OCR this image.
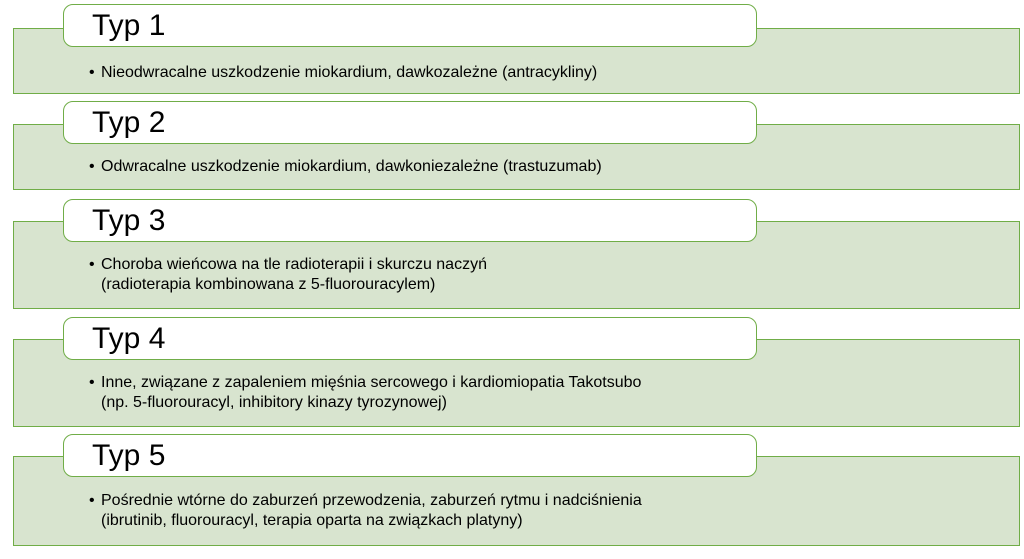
Typ 1
• Nieodwracalne uszkodzenie miokardium, dawkozależne (antracykliny)
Typ 2
• Odwracalne uszkodzenie miokardium, dawkoniezależne (trastuzumab)
Typ 3
• Choroba wieńcowa na tle radioterapii i skurczu naczyń
(radioterapia kombinowana z 5-fluorouracylem)
Typ 4
• Inne, związane z zapaleniem mięśnia sercowego i kardiomiopatia Takotsubo
(np. 5-fluorouracyl, inhibitory kinazy tyrozynowej)
Typ 5
• Pośrednie wtórne do zaburzeń przewodzenia, zaburzeń rytmu i nadciśnienia
(ibrutinib, fluorouracyl, terapia oparta na związkach platyny)
